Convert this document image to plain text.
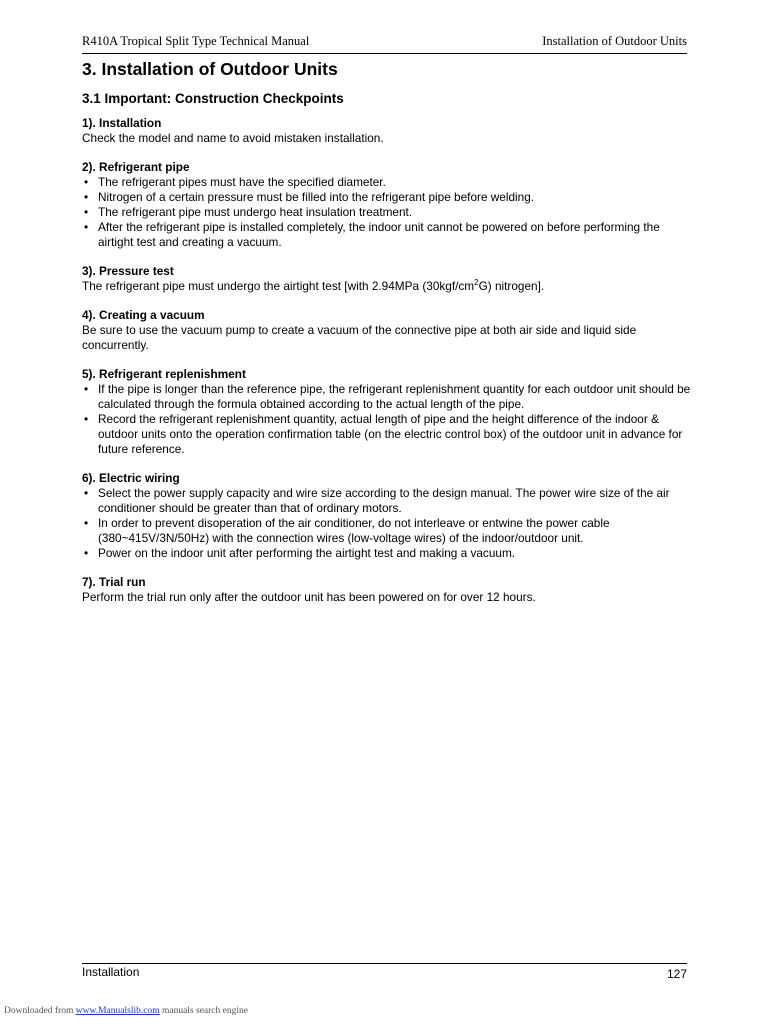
R410A Tropical Split Type Technical Manual	Installation of Outdoor Units
3. Installation of Outdoor Units
3.1 Important: Construction Checkpoints
1). Installation

Check the model and name to avoid mistaken installation.

2). Refrigerant pipe
• The refrigerant pipes must have the specified diameter.
• Nitrogen of a certain pressure must be filled into the refrigerant pipe before welding.
• The refrigerant pipe must undergo heat insulation treatment.
• After the refrigerant pipe is installed completely, the indoor unit cannot be powered on before performing the airtight test and creating a vacuum.
3). Pressure test

The refrigerant pipe must undergo the airtight test [with 2.94MPa $(30kgf/cm^2G)$ nitrogen].

4). Creating a vacuum

Be sure to use the vacuum pump to create a vacuum of the connective pipe at both air side and liquid side concurrently.

5). Refrigerant replenishment
• If the pipe is longer than the reference pipe, the refrigerant replenishment quantity for each outdoor unit should be calculated through the formula obtained according to the actual length of the pipe.
• Record the refrigerant replenishment quantity, actual length of pipe and the height difference of the indoor & outdoor units onto the operation confirmation table (on the electric control box) of the outdoor unit in advance for future reference.
6). Electric wiring
• Select the power supply capacity and wire size according to the design manual. The power wire size of the air conditioner should be greater than that of ordinary motors.
• In order to prevent disoperation of the air conditioner, do not interleave or entwine the power cable (380~415V/3N/50Hz) with the connection wires (low-voltage wires) of the indoor/outdoor unit.
• Power on the indoor unit after performing the airtight test and making a vacuum.
7). Trial run

Perform the trial run only after the outdoor unit has been powered on for over 12 hours.

Installation	127
Downloaded from www.Manualslib.com manuals search engine
